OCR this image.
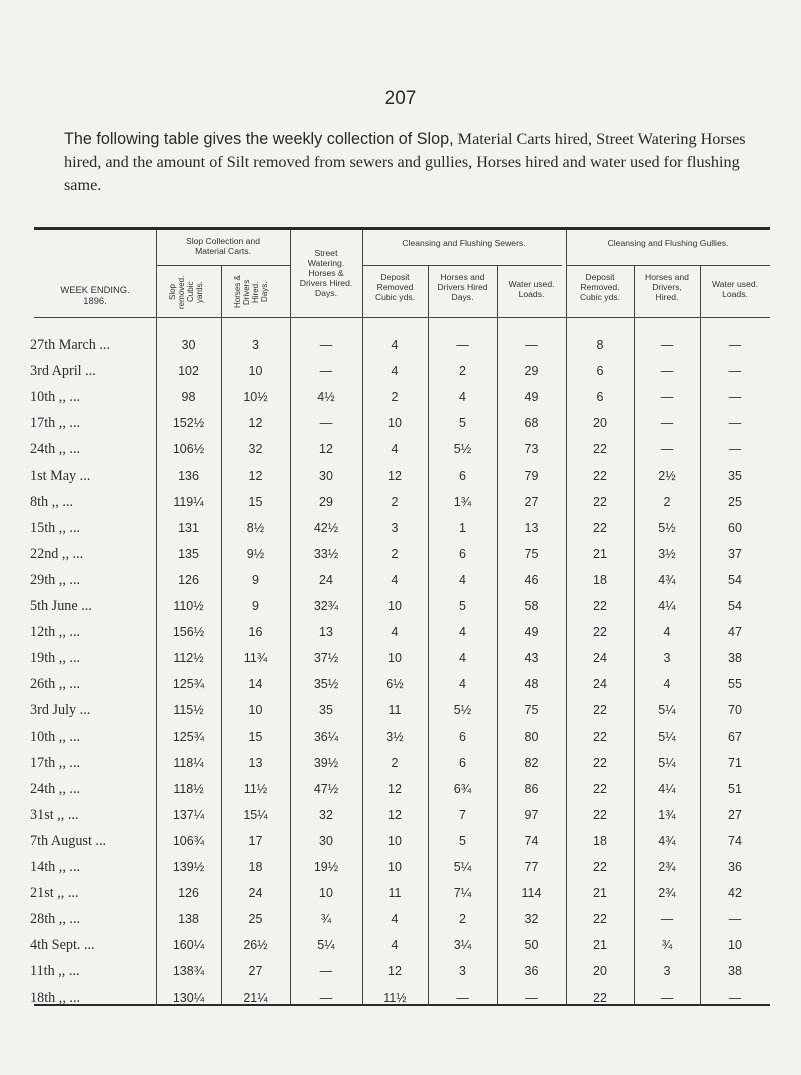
207
The following table gives the weekly collection of Slop, Material Carts hired, Street Watering Horses hired, and the amount of Silt removed from sewers and gullies, Horses hired and water used for flushing same.
WEEK ENDING.
1896.
Slop Collection and
Material Carts.
Slop
removed.
Cubic
yards.	Horses &
Drivers
Hired.
Days.
Street
Watering.
Horses &
Drivers Hired.
Days.
Cleansing and Flushing Sewers.
Deposit
Removed
Cubic yds.
Horses and
Drivers Hired
Days.
Water used.
Loads.
Cleansing and Flushing Gullies.
Deposit
Removed.
Cubic yds.
Horses and
Drivers,
Hired.
Water used.
Loads.
27th March ...	30	3	—	4	—	—	8	—	—
3rd April ...	102	10	—	4	2	29	6	—	—
10th ,, ...	98	10½	4½	2	4	49	6	—	—
17th ,, ...	152½	12	—	10	5	68	20	—	—
24th ,, ...	106½	32	12	4	5½	73	22	—	—
1st May ...	136	12	30	12	6	79	22	2½	35
8th ,, ...	119¼	15	29	2	1¾	27	22	2	25
15th ,, ...	131	8½	42½	3	1	13	22	5½	60
22nd ,, ...	135	9½	33½	2	6	75	21	3½	37
29th ,, ...	126	9	24	4	4	46	18	4¾	54
5th June ...	110½	9	32¾	10	5	58	22	4¼	54
12th ,, ...	156½	16	13	4	4	49	22	4	47
19th ,, ...	112½	11¾	37½	10	4	43	24	3	38
26th ,, ...	125¾	14	35½	6½	4	48	24	4	55
3rd July ...	115½	10	35	11	5½	75	22	5¼	70
10th ,, ...	125¾	15	36¼	3½	6	80	22	5¼	67
17th ,, ...	118¼	13	39½	2	6	82	22	5¼	71
24th ,, ...	118½	11½	47½	12	6¾	86	22	4¼	51
31st ,, ...	137¼	15¼	32	12	7	97	22	1¾	27
7th August ...	106¾	17	30	10	5	74	18	4¾	74
14th ,, ...	139½	18	19½	10	5¼	77	22	2¾	36
21st ,, ...	126	24	10	11	7¼	114	21	2¾	42
28th ,, ...	138	25	¾	4	2	32	22	—	—
4th Sept. ...	160¼	26½	5¼	4	3¼	50	21	¾	10
11th ,, ...	138¾	27	—	12	3	36	20	3	38
18th ,, ...	130¼	21¼	—	11½	—	—	22	—	—
